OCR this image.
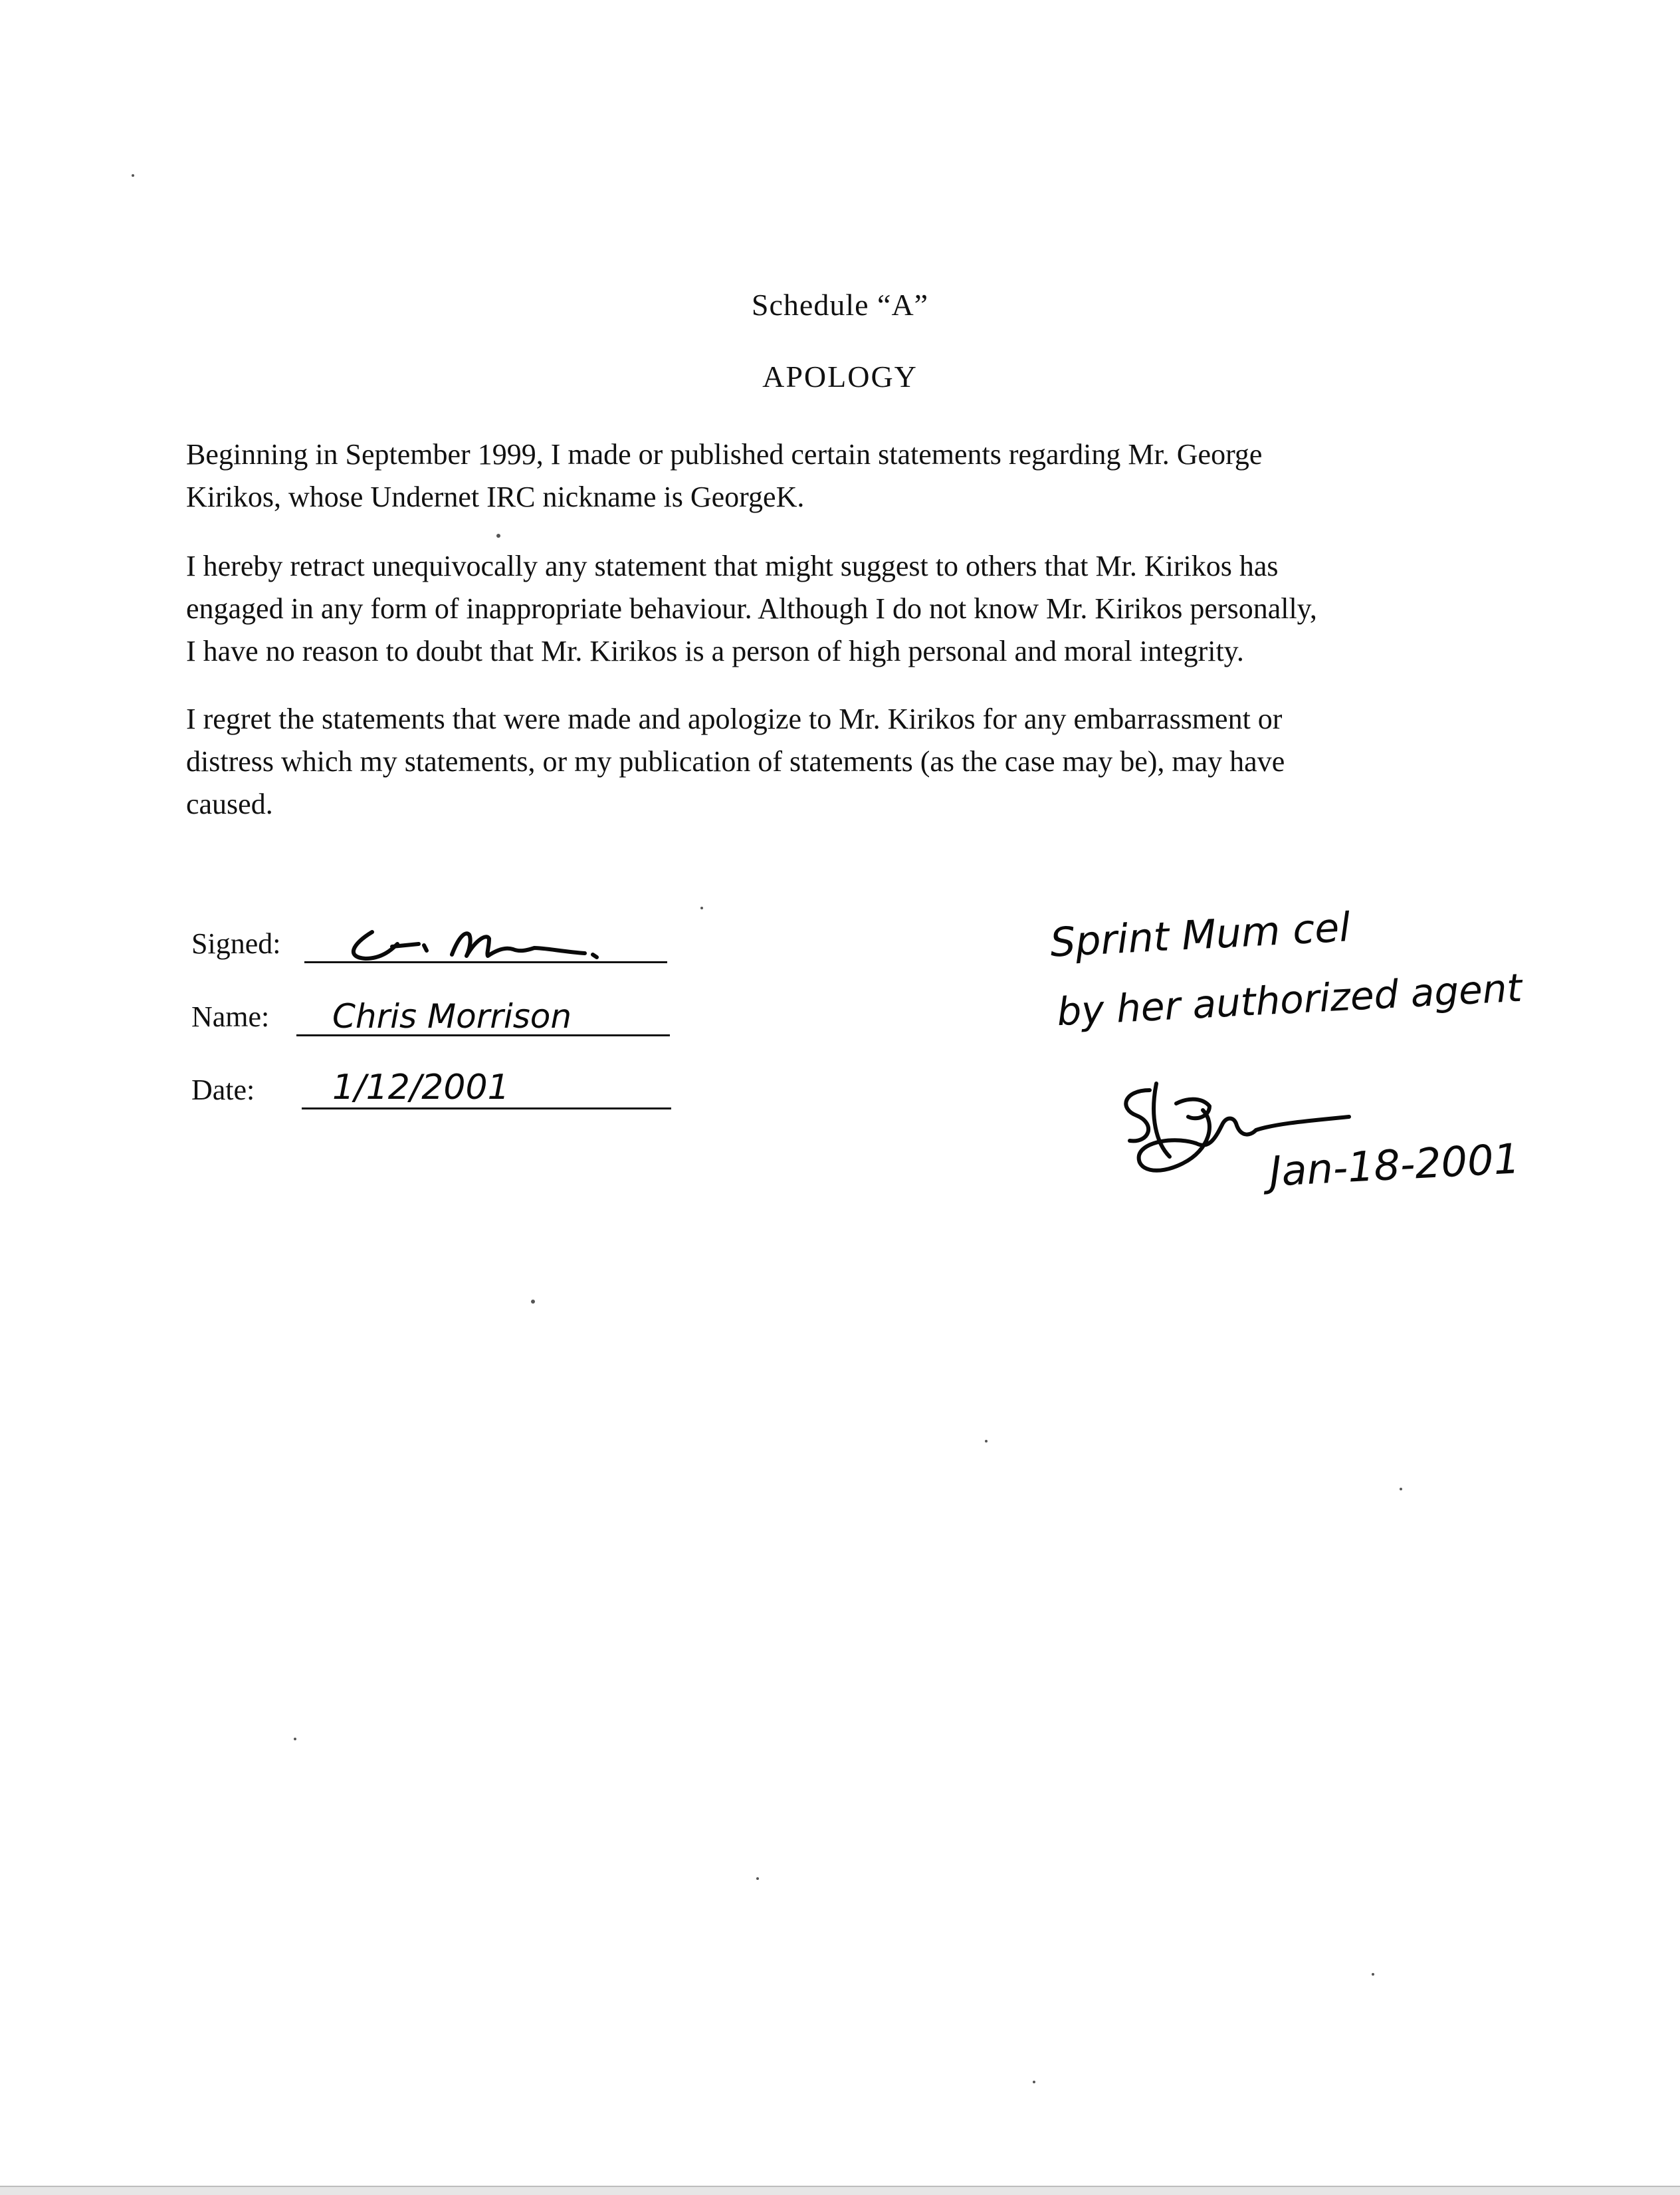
Schedule “A”
APOLOGY

Beginning in September 1999, I made or published certain statements regarding Mr. George
Kirikos, whose Undernet IRC nickname is GeorgeK.

I hereby retract unequivocally any statement that might suggest to others that Mr. Kirikos has
engaged in any form of inappropriate behaviour. Although I do not know Mr. Kirikos personally,
I have no reason to doubt that Mr. Kirikos is a person of high personal and moral integrity.

I regret the statements that were made and apologize to Mr. Kirikos for any embarrassment or
distress which my statements, or my publication of statements (as the case may be), may have
caused.

Signed:
Name: Chris Morrison
Date: 1/12/2001
Sprint Mum cel
by her authorized agent
Jan-18-2001
